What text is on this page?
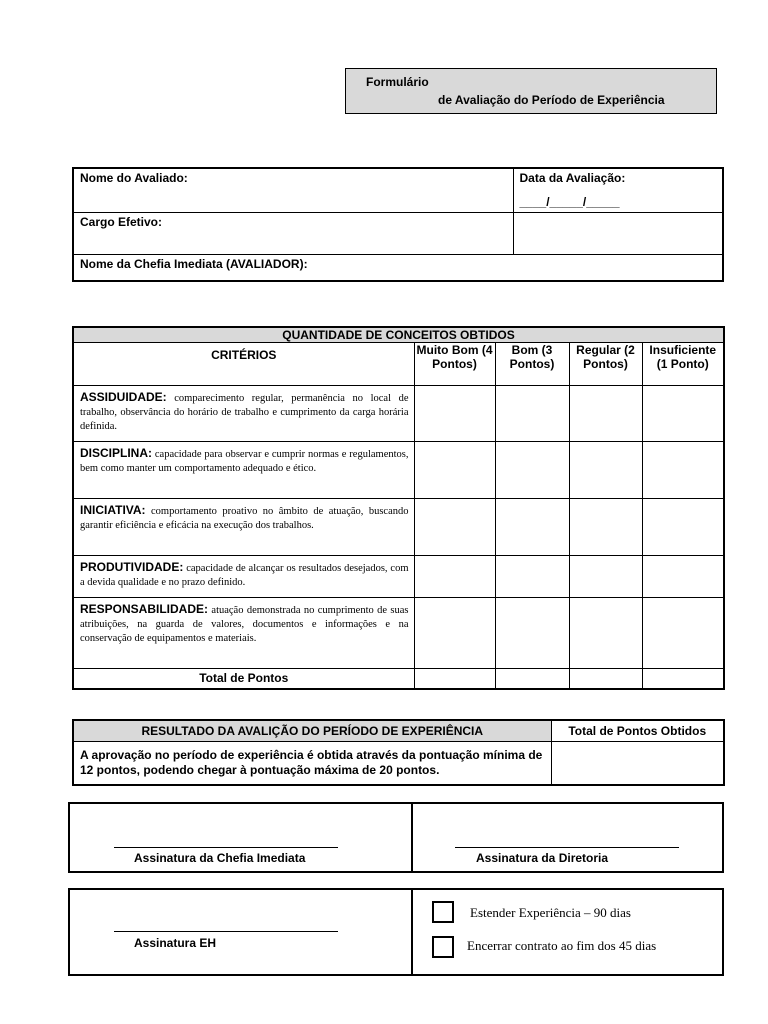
Formulário
de Avaliação do Período de Experiência
Nome do Avaliado:	Data da Avaliação:
____/_____/_____

Cargo Efetivo:	
Nome da Chefia Imediata (AVALIADOR):	
QUANTIDADE DE CONCEITOS OBTIDOS				
CRITÉRIOS	Muito Bom (4 Pontos)	Bom (3 Pontos)	Regular (2 Pontos)	Insuficiente (1 Ponto)
ASSIDUIDADE: comparecimento regular, permanência no local de trabalho, observância do horário de trabalho e cumprimento da carga horária definida.				
DISCIPLINA: capacidade para observar e cumprir normas e regulamentos, bem como manter um comportamento adequado e ético.				
INICIATIVA: comportamento proativo no âmbito de atuação, buscando garantir eficiência e eficácia na execução dos trabalhos.				
PRODUTIVIDADE: capacidade de alcançar os resultados desejados, com a devida qualidade e no prazo definido.				
RESPONSABILIDADE: atuação demonstrada no cumprimento de suas atribuições, na guarda de valores, documentos e informações e na conservação de equipamentos e materiais.				
Total de Pontos				
RESULTADO DA AVALIÇÃO DO PERÍODO DE EXPERIÊNCIA	Total de Pontos Obtidos
A aprovação no período de experiência é obtida através da pontuação mínima de 12 pontos, podendo chegar à pontuação máxima de 20 pontos.	
Assinatura da Chefia Imediata	Assinatura da Diretoria
Assinatura EH
Estender Experiência – 90 dias
Encerrar contrato ao fim dos 45 dias
